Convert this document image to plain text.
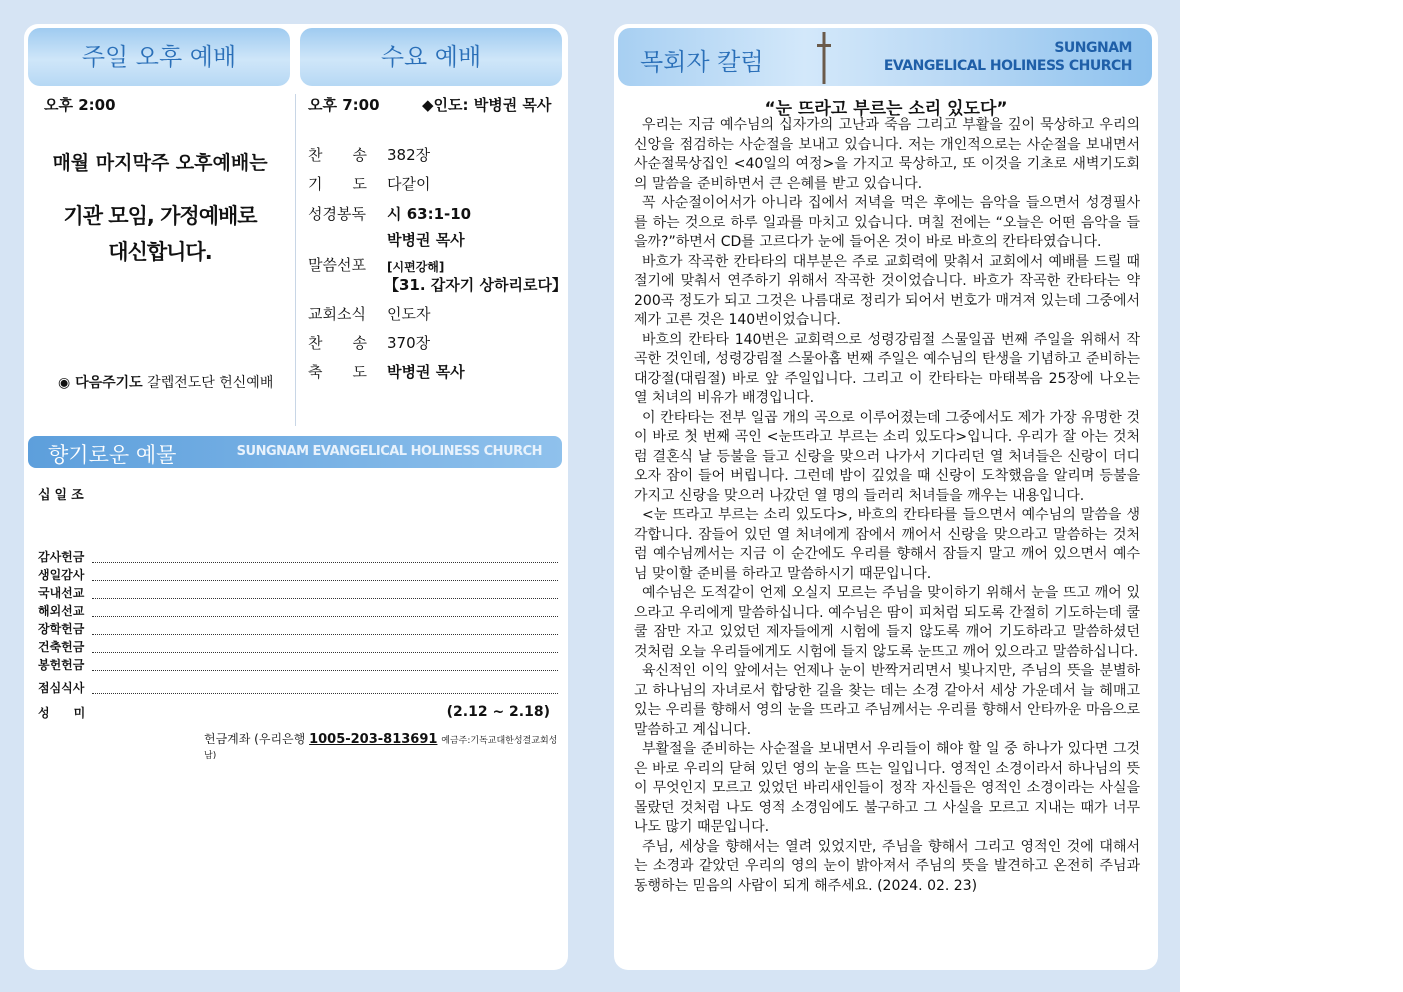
주일 오후 예배	수요 예배
오후 2:00
매월 마지막주 오후예배는
기관 모임, 가정예배로
대신합니다.
◉ 다음주기도 갈렙전도단 헌신예배
오후 7:00	◆인도: 박병권 목사
찬　　송	382장
기　　도	다같이
성경봉독	시 63:1-10
박병권 목사
말씀선포	[시편강해]
【31. 갑자기 상하리로다】
교회소식	인도자
찬　　송	370장
축　　도	박병권 목사
향기로운 예물	SUNGNAM EVANGELICAL HOLINESS CHURCH
십일조
감사헌금
생일감사
국내선교
해외선교
장학헌금
건축헌금
봉헌헌금
점심식사
성　　미	(2.12 ~ 2.18)
헌금계좌 (우리은행 1005-203-813691 예금주:기독교대한성결교회성남)
목회자 칼럼	SUNGNAM
EVANGELICAL HOLINESS CHURCH
“눈 뜨라고 부르는 소리 있도다”

우리는 지금 예수님의 십자가의 고난과 죽음 그리고 부활을 깊이 묵상하고 우리의 신앙을 점검하는 사순절을 보내고 있습니다. 저는 개인적으로는 사순절을 보내면서 사순절묵상집인 <40일의 여정>을 가지고 묵상하고, 또 이것을 기초로 새벽기도회의 말씀을 준비하면서 큰 은혜를 받고 있습니다.

꼭 사순절이어서가 아니라 집에서 저녁을 먹은 후에는 음악을 들으면서 성경필사를 하는 것으로 하루 일과를 마치고 있습니다. 며칠 전에는 “오늘은 어떤 음악을 들을까?”하면서 CD를 고르다가 눈에 들어온 것이 바로 바흐의 칸타타였습니다.

바흐가 작곡한 칸타타의 대부분은 주로 교회력에 맞춰서 교회에서 예배를 드릴 때 절기에 맞춰서 연주하기 위해서 작곡한 것이었습니다. 바흐가 작곡한 칸타타는 약 200곡 정도가 되고 그것은 나름대로 정리가 되어서 번호가 매겨져 있는데 그중에서 제가 고른 것은 140번이었습니다.

바흐의 칸타타 140번은 교회력으로 성령강림절 스물일곱 번째 주일을 위해서 작곡한 것인데, 성령강림절 스물아홉 번째 주일은 예수님의 탄생을 기념하고 준비하는 대강절(대림절) 바로 앞 주일입니다. 그리고 이 칸타타는 마태복음 25장에 나오는 열 처녀의 비유가 배경입니다.

이 칸타타는 전부 일곱 개의 곡으로 이루어졌는데 그중에서도 제가 가장 유명한 것이 바로 첫 번째 곡인 <눈뜨라고 부르는 소리 있도다>입니다. 우리가 잘 아는 것처럼 결혼식 날 등불을 들고 신랑을 맞으러 나가서 기다리던 열 처녀들은 신랑이 더디 오자 잠이 들어 버립니다. 그런데 밤이 깊었을 때 신랑이 도착했음을 알리며 등불을 가지고 신랑을 맞으러 나갔던 열 명의 들러리 처녀들을 깨우는 내용입니다.

<눈 뜨라고 부르는 소리 있도다>, 바흐의 칸타타를 들으면서 예수님의 말씀을 생각합니다. 잠들어 있던 열 처녀에게 잠에서 깨어서 신랑을 맞으라고 말씀하는 것처럼 예수님께서는 지금 이 순간에도 우리를 향해서 잠들지 말고 깨어 있으면서 예수님 맞이할 준비를 하라고 말씀하시기 때문입니다.

예수님은 도적같이 언제 오실지 모르는 주님을 맞이하기 위해서 눈을 뜨고 깨어 있으라고 우리에게 말씀하십니다. 예수님은 땀이 피처럼 되도록 간절히 기도하는데 쿨쿨 잠만 자고 있었던 제자들에게 시험에 들지 않도록 깨어 기도하라고 말씀하셨던 것처럼 오늘 우리들에게도 시험에 들지 않도록 눈뜨고 깨어 있으라고 말씀하십니다.

육신적인 이익 앞에서는 언제나 눈이 반짝거리면서 빛나지만, 주님의 뜻을 분별하고 하나님의 자녀로서 합당한 길을 찾는 데는 소경 같아서 세상 가운데서 늘 헤매고 있는 우리를 향해서 영의 눈을 뜨라고 주님께서는 우리를 향해서 안타까운 마음으로 말씀하고 계십니다.

부활절을 준비하는 사순절을 보내면서 우리들이 해야 할 일 중 하나가 있다면 그것은 바로 우리의 닫혀 있던 영의 눈을 뜨는 일입니다. 영적인 소경이라서 하나님의 뜻이 무엇인지 모르고 있었던 바리새인들이 정작 자신들은 영적인 소경이라는 사실을 몰랐던 것처럼 나도 영적 소경임에도 불구하고 그 사실을 모르고 지내는 때가 너무나도 많기 때문입니다.

주님, 세상을 향해서는 열려 있었지만, 주님을 향해서 그리고 영적인 것에 대해서는 소경과 같았던 우리의 영의 눈이 밝아져서 주님의 뜻을 발견하고 온전히 주님과 동행하는 믿음의 사람이 되게 해주세요. (2024. 02. 23)
